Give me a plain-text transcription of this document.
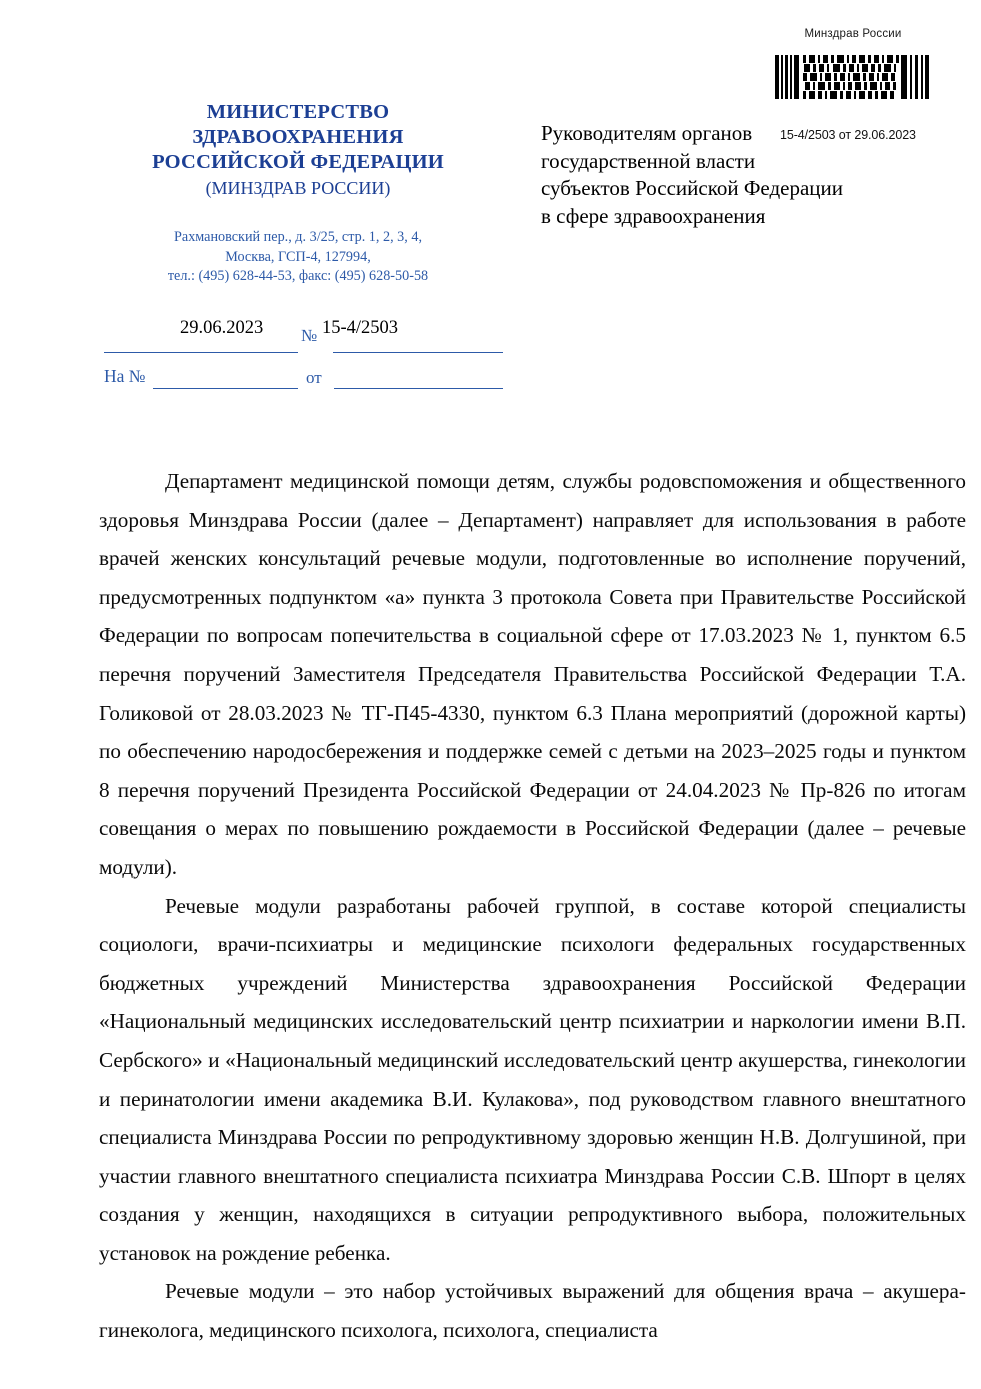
Минздрав России
15-4/2503 от 29.06.2023
МИНИСТЕРСТВО
ЗДРАВООХРАНЕНИЯ
РОССИЙСКОЙ ФЕДЕРАЦИИ
(МИНЗДРАВ РОССИИ)
Рахмановский пер., д. 3/25, стр. 1, 2, 3, 4,
Москва, ГСП-4, 127994,
тел.: (495) 628-44-53, факс: (495) 628-50-58
Руководителям органов
государственной власти
субъектов Российской Федерации
в сфере здравоохранения
29.06.2023 № 15-4/2503
На №	от

Департамент медицинской помощи детям, службы родовспоможения и общественного здоровья Минздрава России (далее – Департамент) направляет для использования в работе врачей женских консультаций речевые модули, подготовленные во исполнение поручений, предусмотренных подпунктом «а» пункта 3 протокола Совета при Правительстве Российской Федерации по вопросам попечительства в социальной сфере от 17.03.2023 № 1, пунктом 6.5 перечня поручений Заместителя Председателя Правительства Российской Федерации Т.А. Голиковой от 28.03.2023 № ТГ-П45-4330, пунктом 6.3 Плана мероприятий (дорожной карты) по обеспечению народосбережения и поддержке семей с детьми на 2023–2025 годы и пунктом 8 перечня поручений Президента Российской Федерации от 24.04.2023 № Пр-826 по итогам совещания о мерах по повышению рождаемости в Российской Федерации (далее – речевые модули).

Речевые модули разработаны рабочей группой, в составе которой специалисты социологи, врачи-психиатры и медицинские психологи федеральных государственных бюджетных учреждений Министерства здравоохранения Российской Федерации «Национальный медицинских исследовательский центр психиатрии и наркологии имени В.П. Сербского» и «Национальный медицинский исследовательский центр акушерства, гинекологии и перинатологии имени академика В.И. Кулакова», под руководством главного внештатного специалиста Минздрава России по репродуктивному здоровью женщин Н.В. Долгушиной, при участии главного внештатного специалиста психиатра Минздрава России С.В. Шпорт в целях создания у женщин, находящихся в ситуации репродуктивного выбора, положительных установок на рождение ребенка.

Речевые модули – это набор устойчивых выражений для общения врача – акушера-гинеколога, медицинского психолога, психолога, специалиста
